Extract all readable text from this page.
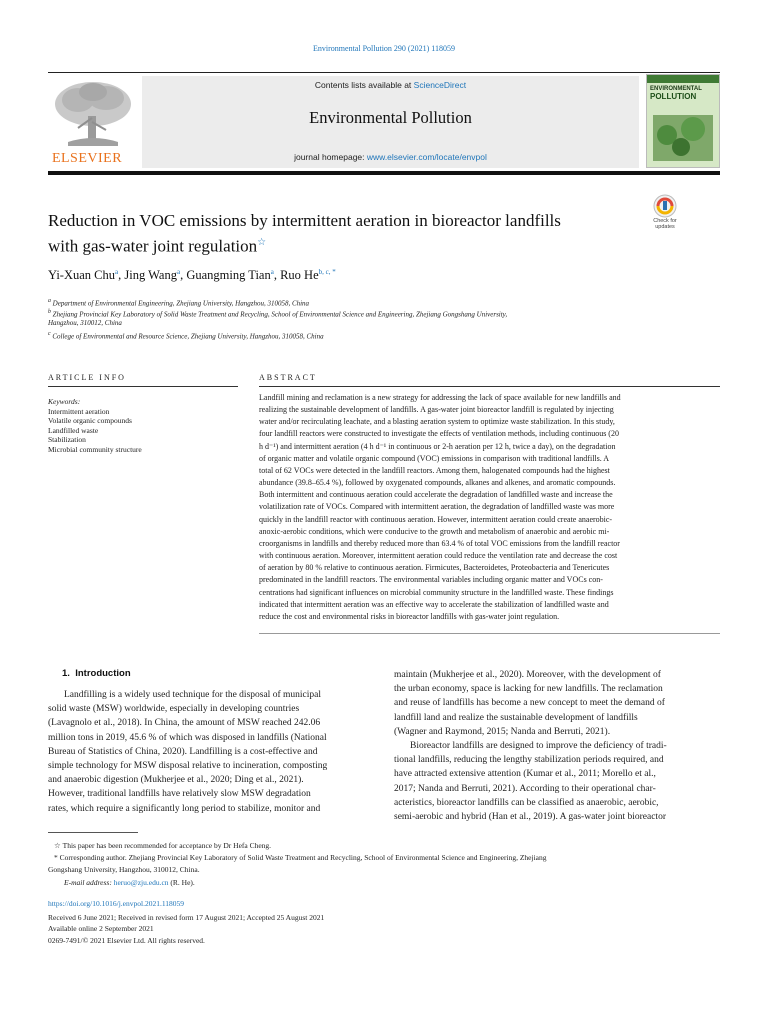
Environmental Pollution 290 (2021) 118059
Contents lists available at ScienceDirect
Environmental Pollution
journal homepage: www.elsevier.com/locate/envpol
ELSEVIER
ENVIRONMENTAL
POLLUTION
Reduction in VOC emissions by intermittent aeration in bioreactor landfills
with gas-water joint regulation☆
Check for
updates
Yi-Xuan Chu$^a$, Jing Wang$^a$, Guangming Tian$^a$, Ruo $He^{b, c, *}$
$^a$ Department of Environmental Engineering, Zhejiang University, Hangzhou, 310058, China
$^b$ Zhejiang Provincial Key Laboratory of Solid Waste Treatment and Recycling, School of Environmental Science and Engineering, Zhejiang Gongshang University,
Hangzhou, 310012, China
$^c$ College of Environmental and Resource Science, Zhejiang University, Hangzhou, 310058, China
ARTICLE INFO
Keywords:
Intermittent aeration
Volatile organic compounds
Landfilled waste
Stabilization
Microbial community structure
ABSTRACT
Landfill mining and reclamation is a new strategy for addressing the lack of space available for new landfills and
realizing the sustainable development of landfills. A gas-water joint bioreactor landfill is regulated by injecting
water and/or recirculating leachate, and a blasting aeration system to optimize waste stabilization. In this study,
four landfill reactors were constructed to investigate the effects of ventilation methods, including continuous (20
h d⁻¹) and intermittent aeration (4 h d⁻¹ in continuous or 2-h aeration per 12 h, twice a day), on the degradation
of organic matter and volatile organic compound (VOC) emissions in comparison with traditional landfills. A
total of 62 VOCs were detected in the landfill reactors. Among them, halogenated compounds had the highest
abundance (39.8–65.4 %), followed by oxygenated compounds, alkanes and alkenes, and aromatic compounds.
Both intermittent and continuous aeration could accelerate the degradation of landfilled waste and increase the
volatilization rate of VOCs. Compared with intermittent aeration, the degradation of landfilled waste was more
quickly in the landfill reactor with continuous aeration. However, intermittent aeration could create anaerobic-
anoxic-aerobic conditions, which were conducive to the growth and metabolism of anaerobic and aerobic mi-
croorganisms in landfills and thereby reduced more than 63.4 % of total VOC emissions from the landfill reactor
with continuous aeration. Moreover, intermittent aeration could reduce the ventilation rate and decrease the cost
of aeration by 80 % relative to continuous aeration. Firmicutes, Bacteroidetes, Proteobacteria and Tenericutes
predominated in the landfill reactors. The environmental variables including organic matter and VOCs con-
centrations had significant influences on microbial community structure in the landfilled waste. These findings
indicated that intermittent aeration was an effective way to accelerate the stabilization of landfilled waste and
reduce the cost and environmental risks in bioreactor landfills with gas-water joint regulation.
1. Introduction
Landfilling is a widely used technique for the disposal of municipal
solid waste (MSW) worldwide, especially in developing countries
(Lavagnolo et al., 2018). In China, the amount of MSW reached 242.06
million tons in 2019, 45.6 % of which was disposed in landfills (National
Bureau of Statistics of China, 2020). Landfilling is a cost-effective and
simple technology for MSW disposal relative to incineration, composting
and anaerobic digestion (Mukherjee et al., 2020; Ding et al., 2021).
However, traditional landfills have relatively slow MSW degradation
rates, which require a significantly long period to stabilize, monitor and
maintain (Mukherjee et al., 2020). Moreover, with the development of
the urban economy, space is lacking for new landfills. The reclamation
and reuse of landfills has become a new concept to meet the demand of
landfill land and realize the sustainable development of landfills
(Wagner and Raymond, 2015; Nanda and Berruti, 2021).
Bioreactor landfills are designed to improve the deficiency of tradi-
tional landfills, reducing the lengthy stabilization periods required, and
have attracted extensive attention (Kumar et al., 2011; Morello et al.,
2017; Nanda and Berruti, 2021). According to their operational char-
acteristics, bioreactor landfills can be classified as anaerobic, aerobic,
semi-aerobic and hybrid (Han et al., 2019). A gas-water joint bioreactor
☆ This paper has been recommended for acceptance by Dr Hefa Cheng.
* Corresponding author. Zhejiang Provincial Key Laboratory of Solid Waste Treatment and Recycling, School of Environmental Science and Engineering, Zhejiang
Gongshang University, Hangzhou, 310012, China.
E-mail address: heruo@zju.edu.cn (R. He).
https://doi.org/10.1016/j.envpol.2021.118059
Received 6 June 2021; Received in revised form 17 August 2021; Accepted 25 August 2021
Available online 2 September 2021
0269-7491/© 2021 Elsevier Ltd. All rights reserved.
